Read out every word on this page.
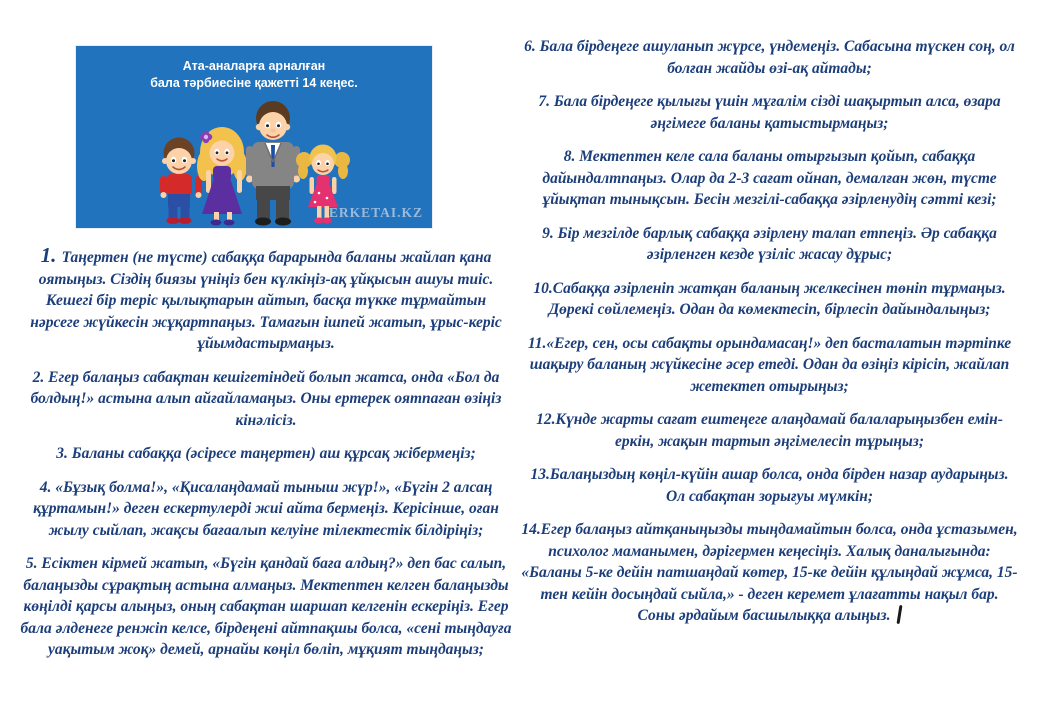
Ата-аналарға арналған
бала тәрбиесіне қажетті 14 кеңес.
ERKETAI.KZ

1. Таңертен (не түсте) сабаққа барарында баланы жайлап қана оятыңыз. Сіздің биязы үніңіз бен күлкіңіз-ақ ұйқысын ашуы тиіс. Кешегі бір теріс қылықтарын айтып, басқа түкке тұрмайтын нәрсеге жүйкесін жұқартпаңыз. Тамағын ішпей жатып, ұрыс-керіс ұйымдастырмаңыз.

2. Егер балаңыз сабақтан кешігетіндей болып жатса, онда «Бол да болдың!» астына алып айғайламаңыз. Оны ертерек оятпаған өзіңіз кінәлісіз.

3. Баланы сабаққа (әсіресе таңертен) аш құрсақ жібермеңіз;

4. «Бұзық болма!», «Қисалаңдамай тыныш жүр!», «Бүгін 2 алсаң құртамын!» деген ескертулерді жиі айта бермеңіз. Керісінше, оған жылу сыйлап, жақсы бағаалып келуіне тілектестік білдіріңіз;

5. Есіктен кірмей жатып, «Бүгін қандай баға алдың?» деп бас салып, балаңызды сұрақтың астына алмаңыз. Мектептен келген балаңызды көңілді қарсы алыңыз, оның сабақтан шаршап келгенін ескеріңіз. Егер бала әлденеге ренжіп келсе, бірдеңені айтпақшы болса, «сені тыңдауға уақытым жоқ» демей, арнайы көңіл бөліп, мұқият тыңдаңыз;

6. Бала бірдеңеге ашуланып жүрсе, үндемеңіз. Сабасына түскен соң, ол болған жайды өзі-ақ айтады;

7. Бала бірдеңеге қылығы үшін мұғалім сізді шақыртып алса, өзара әңгімеге баланы қатыстырмаңыз;

8. Мектептен келе сала баланы отырғызып қойып, сабаққа дайындалтпаңыз. Олар да 2-3 сағат ойнап, демалған жөн, түсте ұйықтап тынықсын. Бесін мезгілі-сабаққа әзірленудің сәтті кезі;

9. Бір мезгілде барлық сабаққа әзірлену талап етпеңіз. Әр сабаққа әзірленген кезде үзіліс жасау дұрыс;

10.Сабаққа әзірленіп жатқан баланың желкесінен төніп тұрмаңыз. Дөрекі сөйлемеңіз. Одан да көмектесіп, бірлесіп дайындалыңыз;

11.«Егер, сен, осы сабақты орындамасаң!» деп басталатын тәртіпке шақыру баланың жүйкесіне әсер етеді. Одан да өзіңіз кірісіп, жайлап жетектеп отырыңыз;

12.Күнде жарты сағат ештеңеге алаңдамай балаларыңызбен емін-еркін, жақын тартып әңгімелесіп тұрыңыз;

13.Балаңыздың көңіл-күйін ашар болса, онда бірден назар аударыңыз. Ол сабақтан зорығуы мүмкін;

14.Егер балаңыз айтқаныңызды тыңдамайтын болса, онда ұстазымен, психолог маманымен, дәрігермен кеңесіңіз. Халық даналығында: «Баланы 5-ке дейін патшаңдай көтер, 15-ке дейін құлыңдай жұмса, 15-тен кейін досыңдай сыйла,» - деген керемет ұлағатты нақыл бар. Соны әрдайым басшылыққа алыңыз.
